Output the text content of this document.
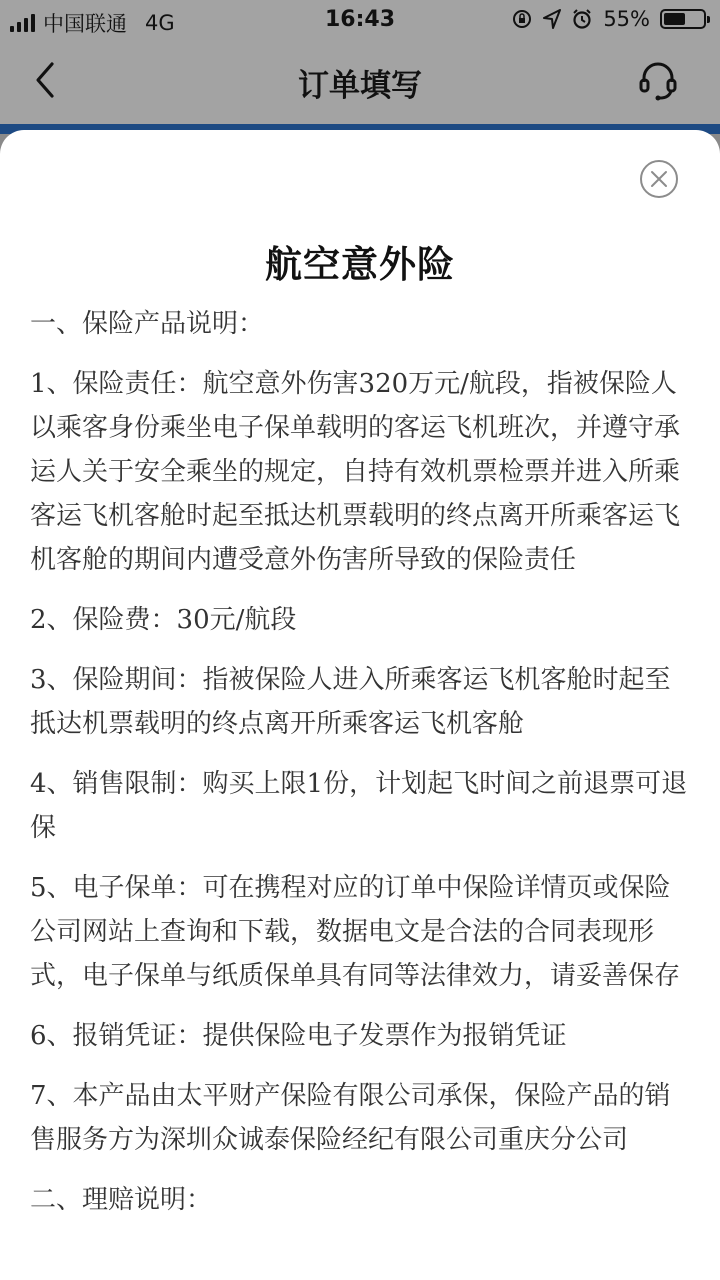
中国联通 4G	16:43	55%
订单填写
航空意外险

一、保险产品说明：

1、保险责任：航空意外伤害320万元/航段，指被保险人以乘客身份乘坐电子保单载明的客运飞机班次，并遵守承运人关于安全乘坐的规定，自持有效机票检票并进入所乘客运飞机客舱时起至抵达机票载明的终点离开所乘客运飞机客舱的期间内遭受意外伤害所导致的保险责任

2、保险费：30元/航段

3、保险期间：指被保险人进入所乘客运飞机客舱时起至抵达机票载明的终点离开所乘客运飞机客舱

4、销售限制：购买上限1份，计划起飞时间之前退票可退保

5、电子保单：可在携程对应的订单中保险详情页或保险公司网站上查询和下载，数据电文是合法的合同表现形式，电子保单与纸质保单具有同等法律效力，请妥善保存

6、报销凭证：提供保险电子发票作为报销凭证

7、本产品由太平财产保险有限公司承保，保险产品的销售服务方为深圳众诚泰保险经纪有限公司重庆分公司

二、理赔说明：
